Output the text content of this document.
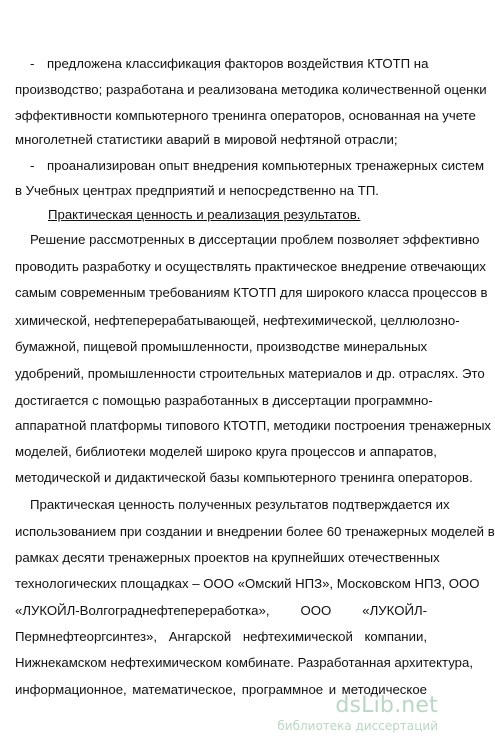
- предложена классификация факторов воздействия КТОТП на
производство; разработана и реализована методика количественной оценки
эффективности компьютерного тренинга операторов, основанная на учете
многолетней статистики аварий в мировой нефтяной отрасли;
- проанализирован опыт внедрения компьютерных тренажерных систем
в Учебных центрах предприятий и непосредственно на ТП.
Практическая ценность и реализация результатов.
Решение рассмотренных в диссертации проблем позволяет эффективно
проводить разработку и осуществлять практическое внедрение отвечающих
самым современным требованиям КТОТП для широкого класса процессов в
химической, нефтеперерабатывающей, нефтехимической, целлюлозно-
бумажной, пищевой промышленности, производстве минеральных
удобрений, промышленности строительных материалов и др. отраслях. Это
достигается с помощью разработанных в диссертации программно-
аппаратной платформы типового КТОТП, методики построения тренажерных
моделей, библиотеки моделей широко круга процессов и аппаратов,
методической и дидактической базы компьютерного тренинга операторов.
Практическая ценность полученных результатов подтверждается их
использованием при создании и внедрении более 60 тренажерных моделей в
рамках десяти тренажерных проектов на крупнейших отечественных
технологических площадках – ООО «Омский НПЗ», Московском НПЗ, ООО
«ЛУКОЙЛ-Волгограднефтепереработка», ООО «ЛУКОЙЛ-
Пермнефтеоргсинтез», Ангарской нефтехимической компании,
Нижнекамском нефтехимическом комбинате. Разработанная архитектура,
информационное, математическое, программное и методическое
dsLib.net
библиотека диссертаций
